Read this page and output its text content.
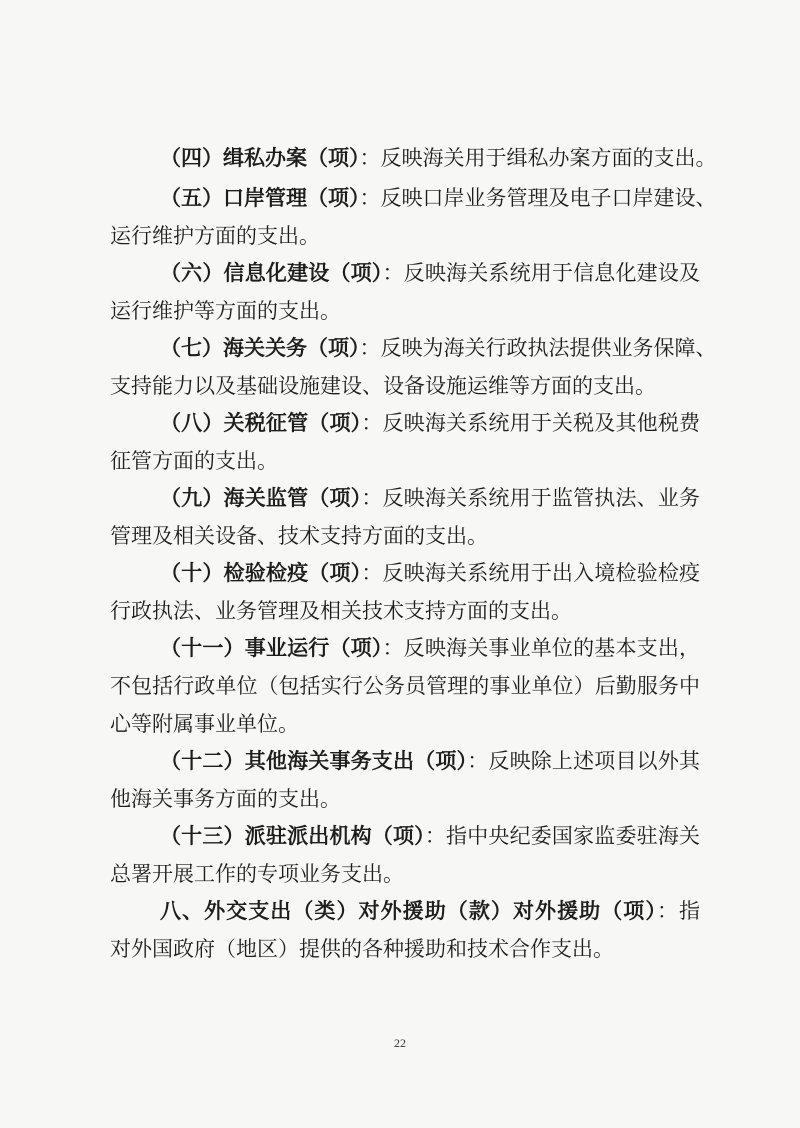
（四）缉私办案（项）：反映海关用于缉私办案方面的支出。
（五）口岸管理（项）：反映口岸业务管理及电子口岸建设、
运行维护方面的支出。
（六）信息化建设（项）：反映海关系统用于信息化建设及
运行维护等方面的支出。
（七）海关关务（项）：反映为海关行政执法提供业务保障、
支持能力以及基础设施建设、设备设施运维等方面的支出。
（八）关税征管（项）：反映海关系统用于关税及其他税费
征管方面的支出。
（九）海关监管（项）：反映海关系统用于监管执法、业务
管理及相关设备、技术支持方面的支出。
（十）检验检疫（项）：反映海关系统用于出入境检验检疫
行政执法、业务管理及相关技术支持方面的支出。
（十一）事业运行（项）：反映海关事业单位的基本支出，
不包括行政单位（包括实行公务员管理的事业单位）后勤服务中
心等附属事业单位。
（十二）其他海关事务支出（项）：反映除上述项目以外其
他海关事务方面的支出。
（十三）派驻派出机构（项）：指中央纪委国家监委驻海关
总署开展工作的专项业务支出。
八、外交支出（类）对外援助（款）对外援助（项）：指
对外国政府（地区）提供的各种援助和技术合作支出。
22
